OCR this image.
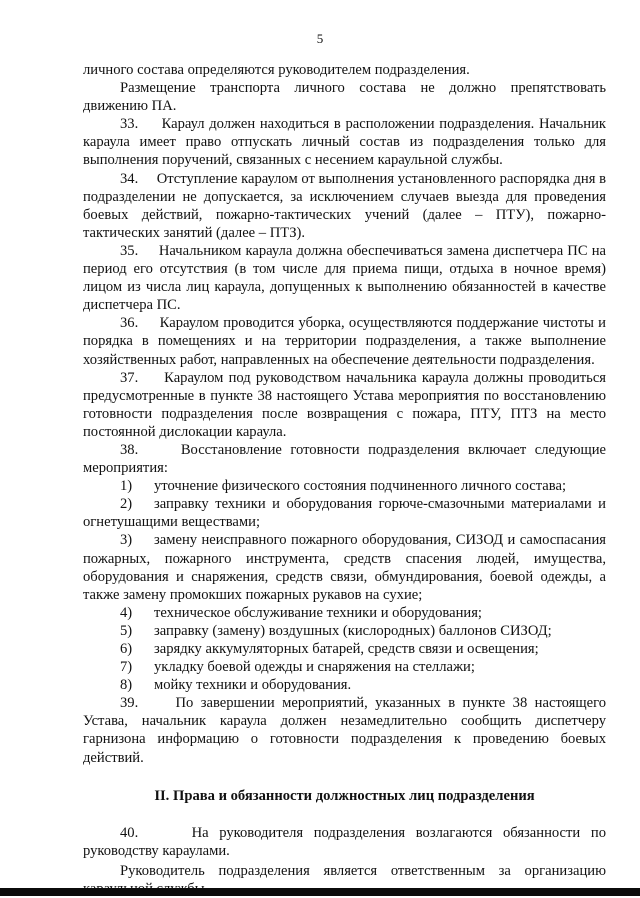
5

личного состава определяются руководителем подразделения.

Размещение транспорта личного состава не должно препятствовать движению ПА.

33. Караул должен находиться в расположении подразделения. Начальник караула имеет право отпускать личный состав из подразделения только для выполнения поручений, связанных с несением караульной службы.

34. Отступление караулом от выполнения установленного распорядка дня в подразделении не допускается, за исключением случаев выезда для проведения боевых действий, пожарно-тактических учений (далее – ПТУ), пожарно-тактических занятий (далее – ПТЗ).

35. Начальником караула должна обеспечиваться замена диспетчера ПС на период его отсутствия (в том числе для приема пищи, отдыха в ночное время) лицом из числа лиц караула, допущенных к выполнению обязанностей в качестве диспетчера ПС.

36. Караулом проводится уборка, осуществляются поддержание чистоты и порядка в помещениях и на территории подразделения, а также выполнение хозяйственных работ, направленных на обеспечение деятельности подразделения.

37. Караулом под руководством начальника караула должны проводиться предусмотренные в пункте 38 настоящего Устава мероприятия по восстановлению готовности подразделения после возвращения с пожара, ПТУ, ПТЗ на место постоянной дислокации караула.

38.	Восстановление готовности подразделения включает следующие мероприятия:

1) уточнение физического состояния подчиненного личного состава;

2) заправку техники и оборудования горюче-смазочными материалами и огнетушащими веществами;

3) замену неисправного пожарного оборудования, СИЗОД и самоспасания пожарных, пожарного инструмента, средств спасения людей, имущества, оборудования и снаряжения, средств связи, обмундирования, боевой одежды, а также замену промокших пожарных рукавов на сухие;

4) техническое обслуживание техники и оборудования;

5) заправку (замену) воздушных (кислородных) баллонов СИЗОД;

6) зарядку аккумуляторных батарей, средств связи и освещения;

7) укладку боевой одежды и снаряжения на стеллажи;

8) мойку техники и оборудования.

39.	По завершении мероприятий, указанных в пункте 38 настоящего Устава, начальник караула должен незамедлительно сообщить диспетчеру гарнизона информацию о готовности подразделения к проведению боевых действий.

II. Права и обязанности должностных лиц подразделения

40.	На руководителя подразделения возлагаются обязанности по руководству караулами.

Руководитель подразделения является ответственным за организацию
